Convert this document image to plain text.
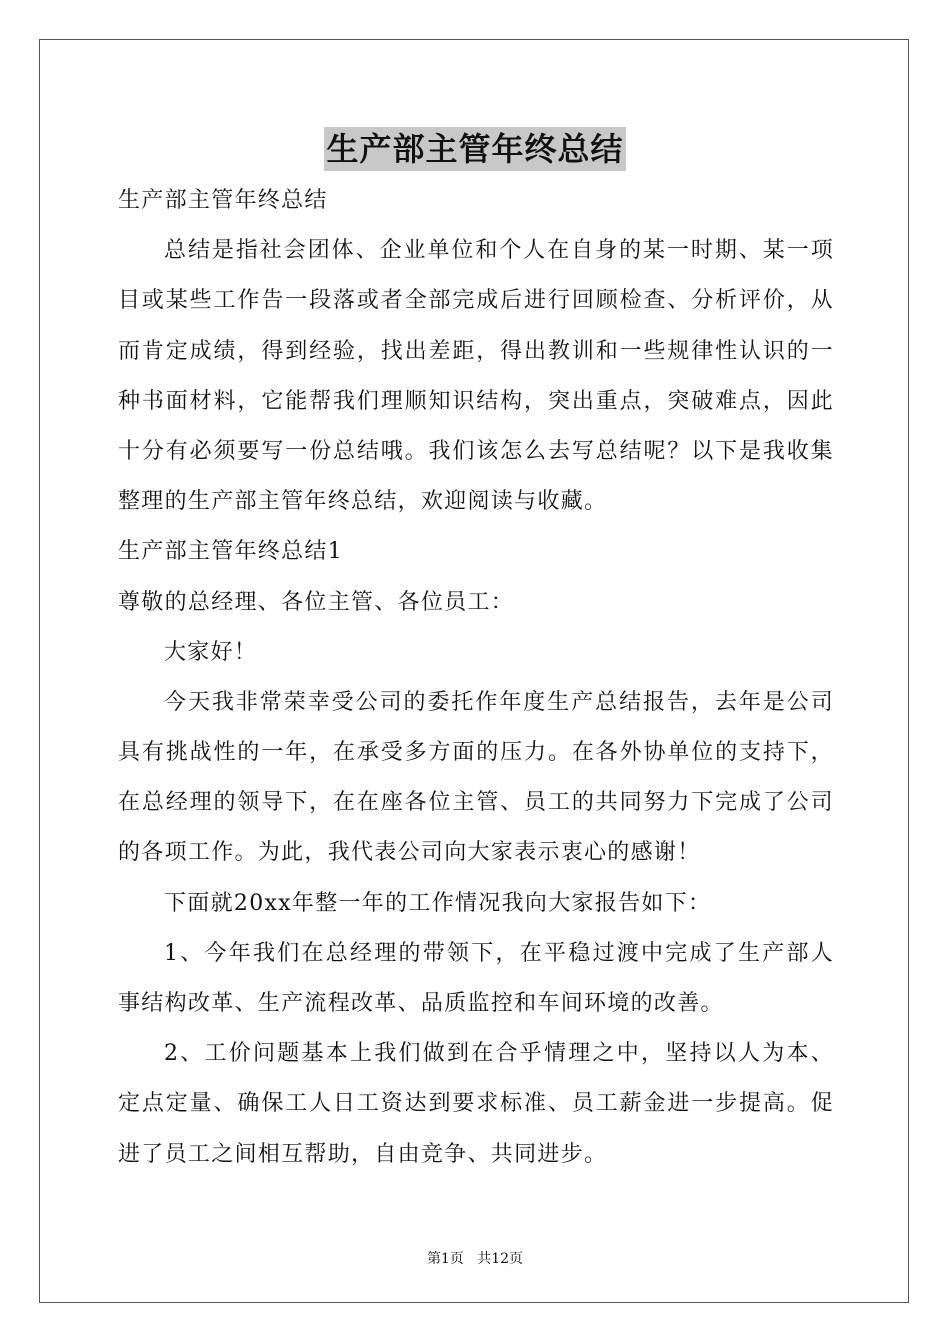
生产部主管年终总结
生产部主管年终总结
总结是指社会团体、企业单位和个人在自身的某一时期、某一项
目或某些工作告一段落或者全部完成后进行回顾检查、分析评价，从
而肯定成绩，得到经验，找出差距，得出教训和一些规律性认识的一
种书面材料，它能帮我们理顺知识结构，突出重点，突破难点，因此
十分有必须要写一份总结哦。我们该怎么去写总结呢？以下是我收集
整理的生产部主管年终总结，欢迎阅读与收藏。
生产部主管年终总结1
尊敬的总经理、各位主管、各位员工：
大家好！
今天我非常荣幸受公司的委托作年度生产总结报告，去年是公司
具有挑战性的一年，在承受多方面的压力。在各外协单位的支持下，
在总经理的领导下，在在座各位主管、员工的共同努力下完成了公司
的各项工作。为此，我代表公司向大家表示衷心的感谢！
下面就20xx年整一年的工作情况我向大家报告如下：
1、今年我们在总经理的带领下，在平稳过渡中完成了生产部人
事结构改革、生产流程改革、品质监控和车间环境的改善。
2、工价问题基本上我们做到在合乎情理之中，坚持以人为本、
定点定量、确保工人日工资达到要求标准、员工薪金进一步提高。促
进了员工之间相互帮助，自由竞争、共同进步。
第1页 共12页
